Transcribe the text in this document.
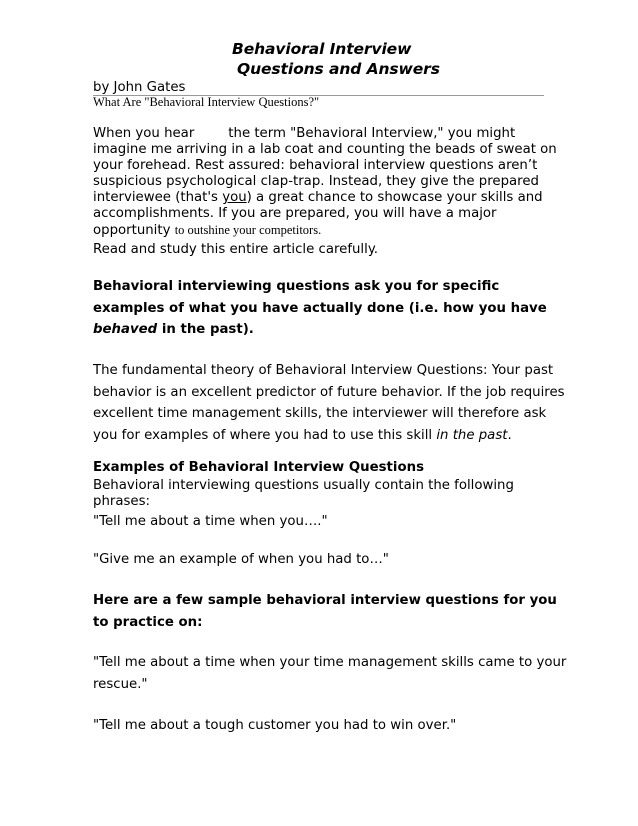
Behavioral Interview
Questions and Answers
by John Gates
What Are "Behavioral Interview Questions?"
When you hear	the term "Behavioral Interview," you might
imagine me arriving in a lab coat and counting the beads of sweat on
your forehead. Rest assured: behavioral interview questions aren’t
suspicious psychological clap-trap. Instead, they give the prepared
interviewee (that's you) a great chance to showcase your skills and
accomplishments. If you are prepared, you will have a major
opportunity to outshine your competitors.
Read and study this entire article carefully.
Behavioral interviewing questions ask you for specific
examples of what you have actually done (i.e. how you have
behaved in the past).
The fundamental theory of Behavioral Interview Questions: Your past
behavior is an excellent predictor of future behavior. If the job requires
excellent time management skills, the interviewer will therefore ask
you for examples of where you had to use this skill in the past.
Examples of Behavioral Interview Questions
Behavioral interviewing questions usually contain the following
phrases:
"Tell me about a time when you…."
"Give me an example of when you had to…"
Here are a few sample behavioral interview questions for you
to practice on:
"Tell me about a time when your time management skills came to your
rescue."
"Tell me about a tough customer you had to win over."
